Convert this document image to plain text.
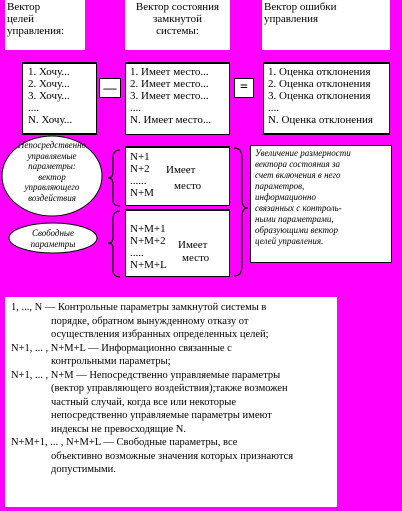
Вектор
целей
управления:
Вектор состояния
замкнутой
системы:
Вектор ошибки
управления
1. Хочу...
2. Хочу...
3. Хочу...
....
N. Хочу...
—
1. Имеет место...
2. Имеет место...
3. Имеет место...
....
N. Имеет место...
=
1. Оценка отклонения
2. Оценка отклонения
3. Оценка отклонения
....
N. Оценка отклонения
N+1
N+2
......
N+M
Имеет
место
N+M+1
N+M+2
.....
N+M+L
Имеет
место
Непосредственно
управляемые
параметры:
вектор
управляющего
воздействия
Свободные
параметры
Увеличение размерности
вектора состояния за
счет включения в него
параметров,
информационно
связанных с контроль-
ными параметрами,
образующими вектор
целей управления.
1, ..., N — Контрольные параметры замкнутой системы в
порядке, обратном вынужденному отказу от
осуществления избранных определенных целей;
N+1, ... , N+M+L — Информационно связанные с
контрольными параметры;
N+1, ... , N+M — Непосредственно управляемые параметры
(вектор управляющего воздействия);также возможен
частный случай, когда все или некоторые
непосредственно управляемые параметры имеют
индексы не превосходящие N.
N+M+1, ... , N+M+L — Свободные параметры, все
объективно возможные значения которых признаются
допустимыми.
